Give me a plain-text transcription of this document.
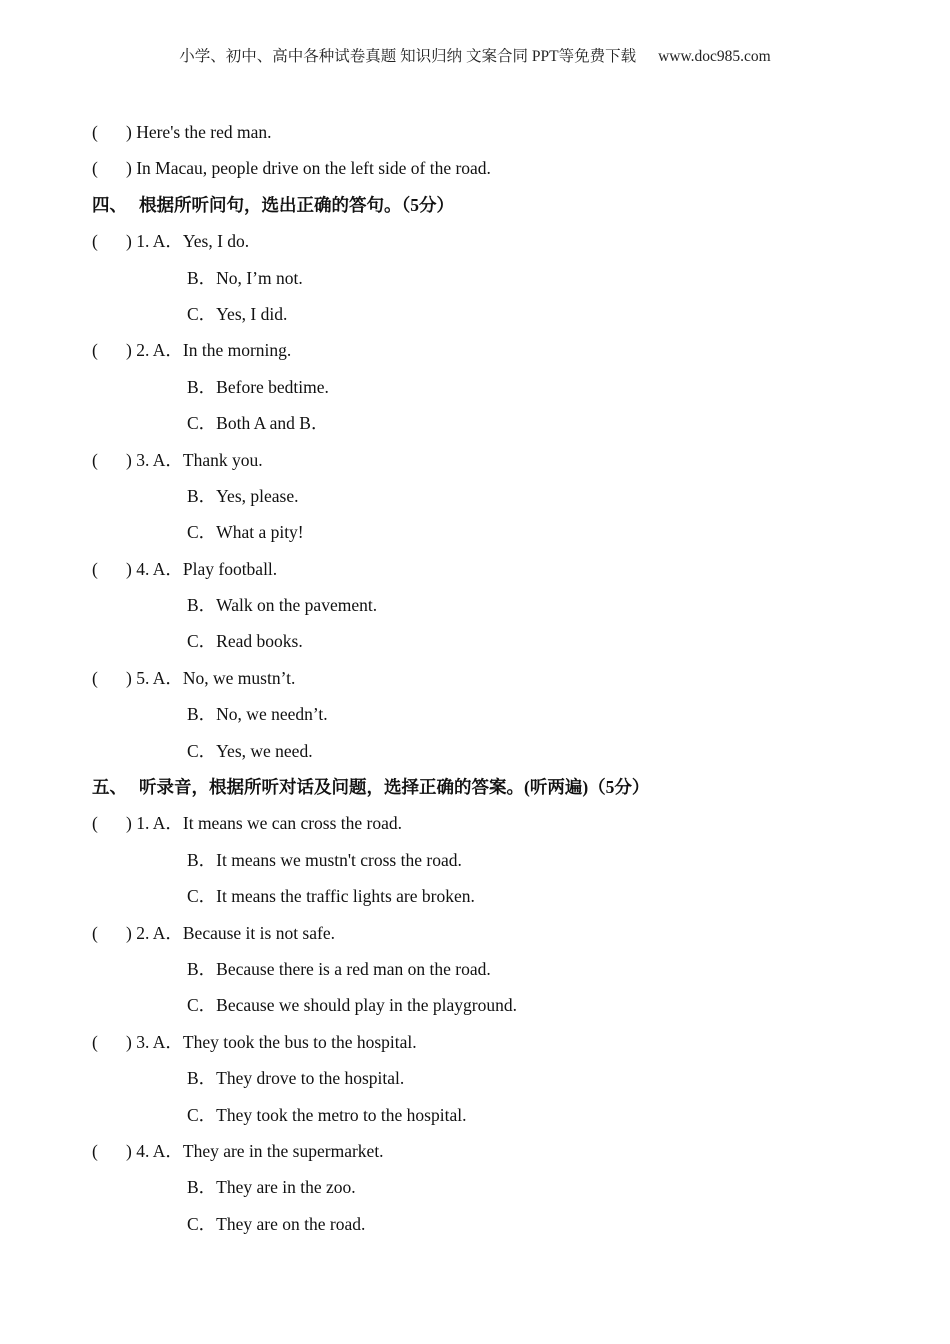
小学、初中、高中各种试卷真题 知识归纳 文案合同 PPT等免费下载 www.doc985.com
( ) Here's the red man.
( ) In Macau, people drive on the left side of the road.
四、 根据所听问句，选出正确的答句。（5分）
( ) 1. A．Yes, I do.
B．No, I’m not.
C．Yes, I did.
( ) 2. A．In the morning.
B．Before bedtime.
C．Both A and B．
( ) 3. A．Thank you.
B．Yes, please.
C．What a pity!
( ) 4. A．Play football.
B．Walk on the pavement.
C．Read books.
( ) 5. A．No, we mustn’t.
B．No, we needn’t.
C．Yes, we need.
五、 听录音，根据所听对话及问题，选择正确的答案。(听两遍)（5分）
( ) 1. A．It means we can cross the road.
B．It means we mustn't cross the road.
C．It means the traffic lights are broken.
( ) 2. A．Because it is not safe.
B．Because there is a red man on the road.
C．Because we should play in the playground.
( ) 3. A．They took the bus to the hospital.
B．They drove to the hospital.
C．They took the metro to the hospital.
( ) 4. A．They are in the supermarket.
B．They are in the zoo.
C．They are on the road.
